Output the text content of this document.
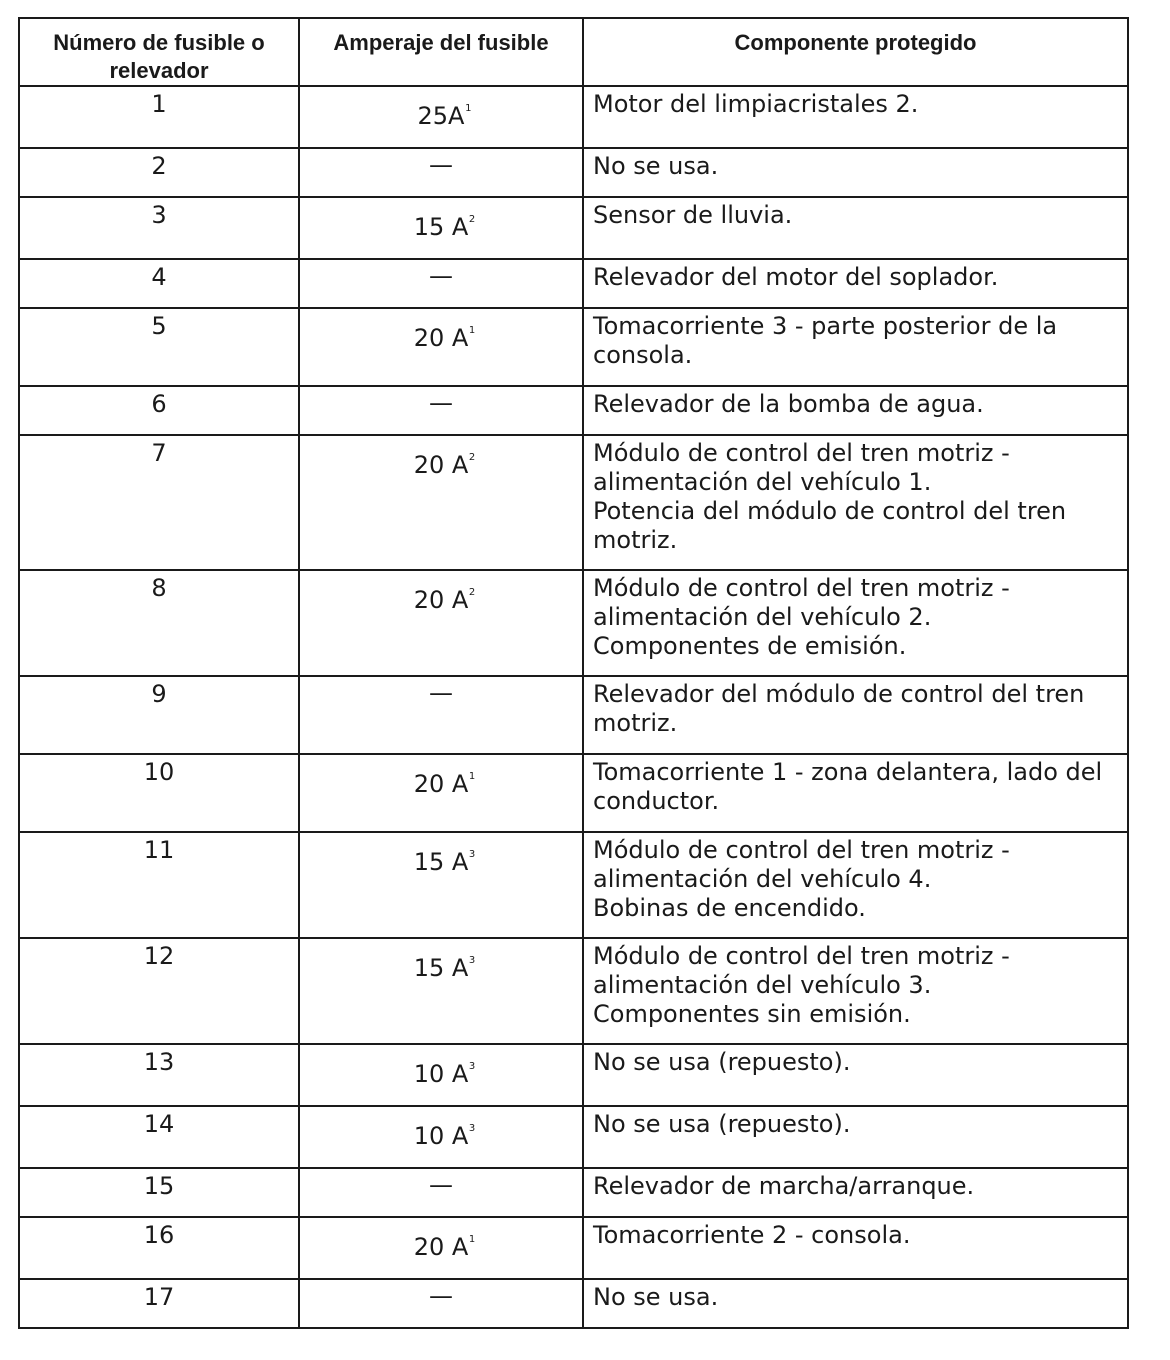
Número de fusible o relevador	Amperaje del fusible	Componente protegido
1	25A 1	Motor del limpiacristales 2.
2	—	No se usa.
3	15 A 2	Sensor de lluvia.
4	—	Relevador del motor del soplador.
5	20 A 1	Tomacorriente 3 - parte posterior de la consola.
6	—	Relevador de la bomba de agua.
7	20 A 2	Módulo de control del tren motriz - alimentación del vehículo 1.
Potencia del módulo de control del tren motriz.
8	20 A 2	Módulo de control del tren motriz - alimentación del vehículo 2.
Componentes de emisión.
9	—	Relevador del módulo de control del tren motriz.
10	20 A 1	Tomacorriente 1 - zona delantera, lado del conductor.
11	15 A 3	Módulo de control del tren motriz - alimentación del vehículo 4.
Bobinas de encendido.
12	15 A 3	Módulo de control del tren motriz - alimentación del vehículo 3.
Componentes sin emisión.
13	10 A 3	No se usa (repuesto).
14	10 A 3	No se usa (repuesto).
15	—	Relevador de marcha/arranque.
16	20 A 1	Tomacorriente 2 - consola.
17	—	No se usa.
